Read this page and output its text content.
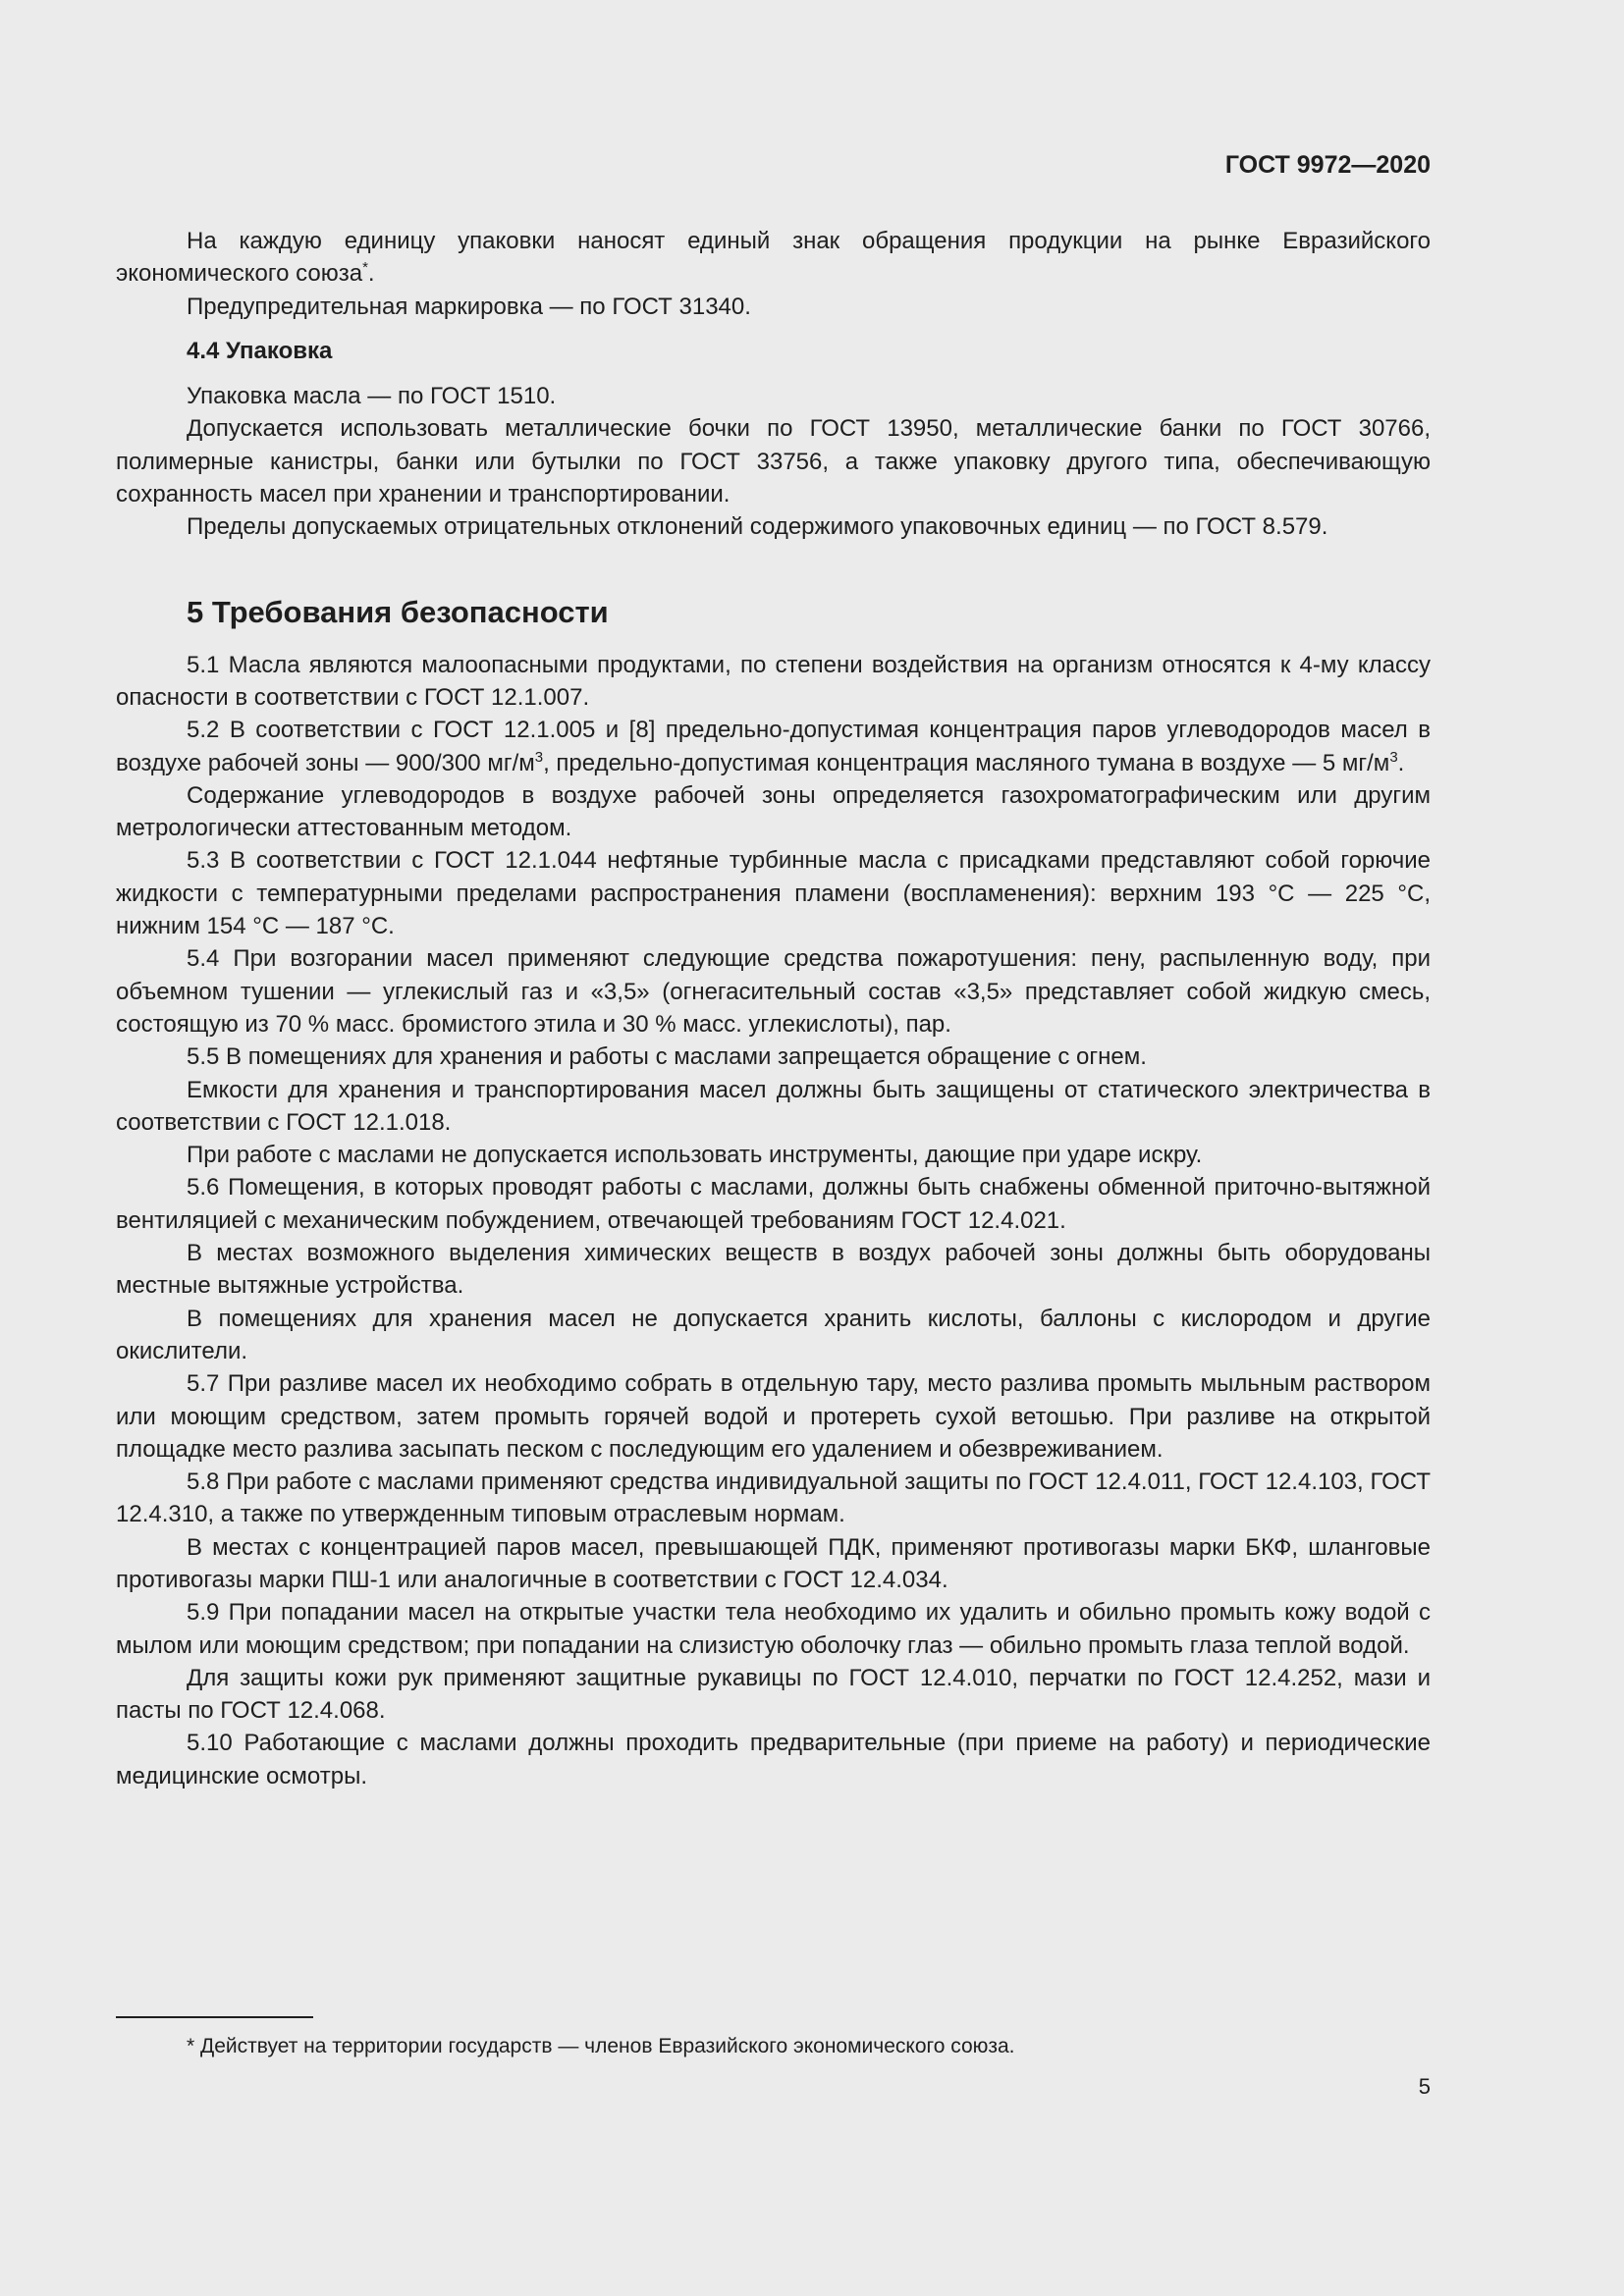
ГОСТ 9972—2020

На каждую единицу упаковки наносят единый знак обращения продукции на рынке Евразийского экономического союза*.

Предупредительная маркировка — по ГОСТ 31340.

4.4 Упаковка

Упаковка масла — по ГОСТ 1510.

Допускается использовать металлические бочки по ГОСТ 13950, металлические банки по ГОСТ 30766, полимерные канистры, банки или бутылки по ГОСТ 33756, а также упаковку другого типа, обеспечивающую сохранность масел при хранении и транспортировании.

Пределы допускаемых отрицательных отклонений содержимого упаковочных единиц — по ГОСТ 8.579.

5 Требования безопасности

5.1 Масла являются малоопасными продуктами, по степени воздействия на организм относятся к 4-му классу опасности в соответствии с ГОСТ 12.1.007.

5.2 В соответствии с ГОСТ 12.1.005 и [8] предельно-допустимая концентрация паров углеводородов масел в воздухе рабочей зоны — 900/300 $мг/м^3$, предельно-допустимая концентрация масляного тумана в воздухе — 5 $мг/м^3$.

Содержание углеводородов в воздухе рабочей зоны определяется газохроматографическим или другим метрологически аттестованным методом.

5.3 В соответствии с ГОСТ 12.1.044 нефтяные турбинные масла с присадками представляют собой горючие жидкости с температурными пределами распространения пламени (воспламенения): верхним 193 °С — 225 °С, нижним 154 °С — 187 °С.

5.4 При возгорании масел применяют следующие средства пожаротушения: пену, распыленную воду, при объемном тушении — углекислый газ и «3,5» (огнегасительный состав «3,5» представляет собой жидкую смесь, состоящую из 70 % масс. бромистого этила и 30 % масс. углекислоты), пар.

5.5 В помещениях для хранения и работы с маслами запрещается обращение с огнем.

Емкости для хранения и транспортирования масел должны быть защищены от статического электричества в соответствии с ГОСТ 12.1.018.

При работе с маслами не допускается использовать инструменты, дающие при ударе искру.

5.6 Помещения, в которых проводят работы с маслами, должны быть снабжены обменной приточно-вытяжной вентиляцией с механическим побуждением, отвечающей требованиям ГОСТ 12.4.021.

В местах возможного выделения химических веществ в воздух рабочей зоны должны быть оборудованы местные вытяжные устройства.

В помещениях для хранения масел не допускается хранить кислоты, баллоны с кислородом и другие окислители.

5.7 При разливе масел их необходимо собрать в отдельную тару, место разлива промыть мыльным раствором или моющим средством, затем промыть горячей водой и протереть сухой ветошью. При разливе на открытой площадке место разлива засыпать песком с последующим его удалением и обезвреживанием.

5.8 При работе с маслами применяют средства индивидуальной защиты по ГОСТ 12.4.011, ГОСТ 12.4.103, ГОСТ 12.4.310, а также по утвержденным типовым отраслевым нормам.

В местах с концентрацией паров масел, превышающей ПДК, применяют противогазы марки БКФ, шланговые противогазы марки ПШ-1 или аналогичные в соответствии с ГОСТ 12.4.034.

5.9 При попадании масел на открытые участки тела необходимо их удалить и обильно промыть кожу водой с мылом или моющим средством; при попадании на слизистую оболочку глаз — обильно промыть глаза теплой водой.

Для защиты кожи рук применяют защитные рукавицы по ГОСТ 12.4.010, перчатки по ГОСТ 12.4.252, мази и пасты по ГОСТ 12.4.068.

5.10 Работающие с маслами должны проходить предварительные (при приеме на работу) и периодические медицинские осмотры.

* Действует на территории государств — членов Евразийского экономического союза.
5
